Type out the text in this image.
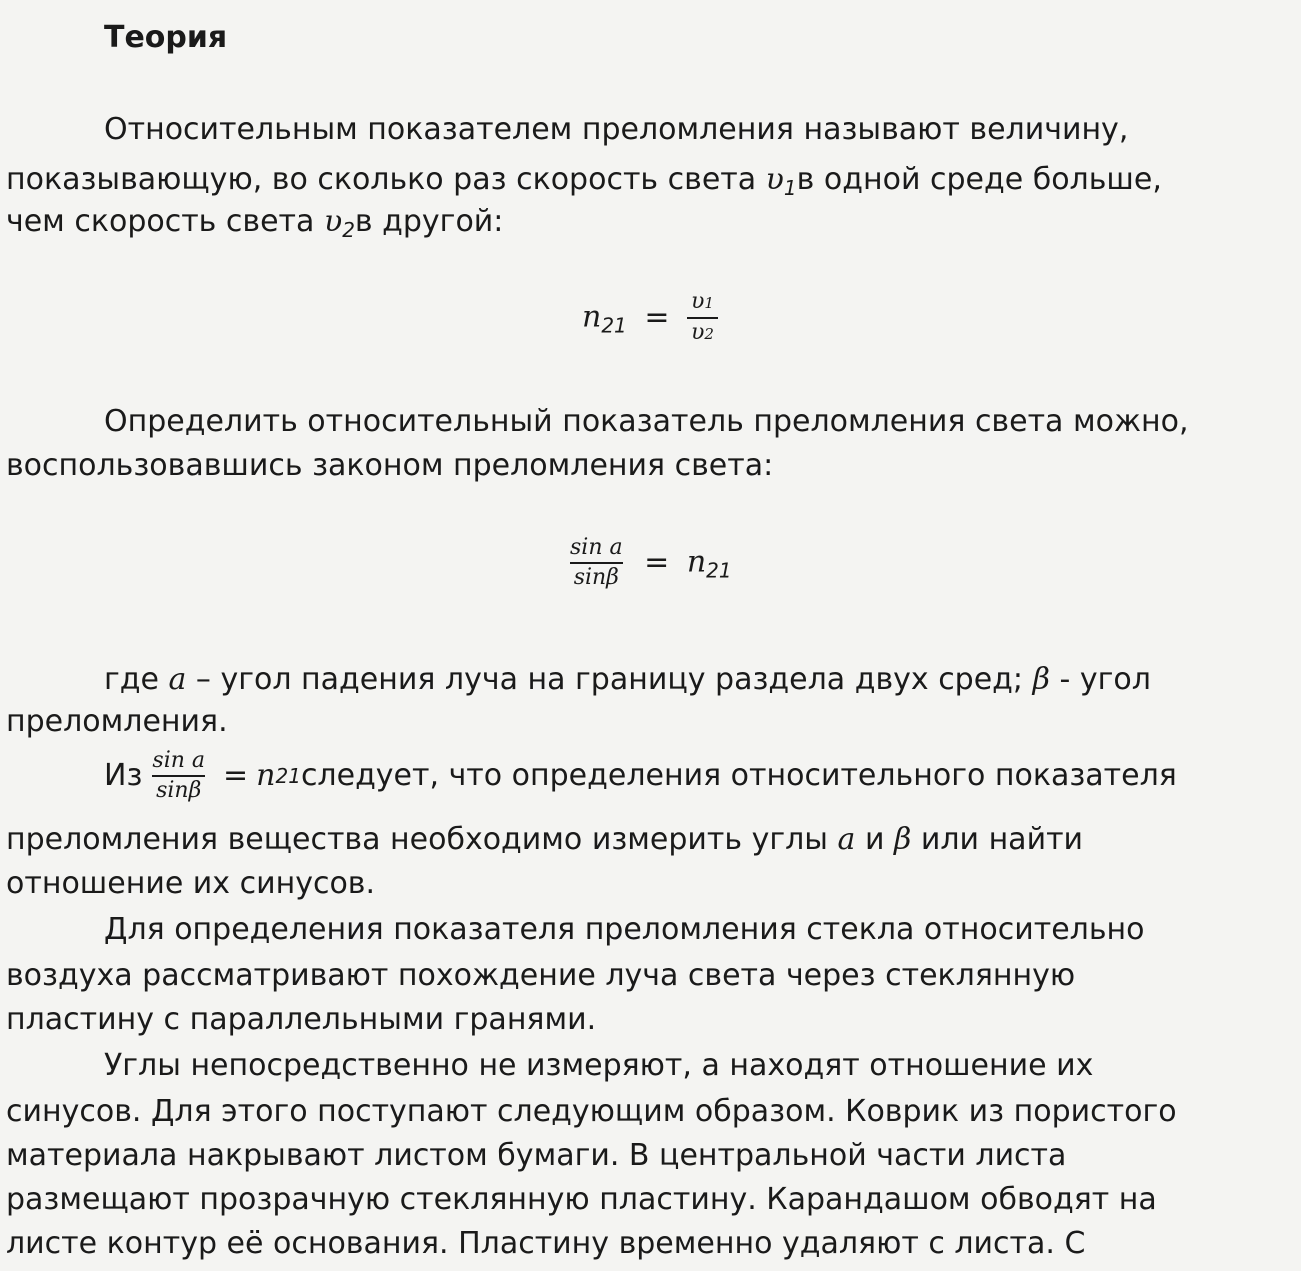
Теория
Относительным показателем преломления называют величину,
показывающую, во сколько раз скорость света $\upsilon_1в$ одной среде больше,
чем скорость света $\upsilon_2в$ другой:
$n_{21} = \frac{\upsilon 1}{\upsilon 2}$
Определить относительный показатель преломления света можно,
воспользовавшись законом преломления света:
$\frac{\text{sin a}}{\sin\beta} = n_{21}$
где a – угол падения луча на границу раздела двух сред; β - угол
преломления.
Из $\frac{\text{sin a}}{\sin\beta} = n$ 21 следует, что определения относительного показателя
преломления вещества необходимо измерить углы a и β или найти
отношение их синусов.
Для определения показателя преломления стекла относительно
воздуха рассматривают похождение луча света через стеклянную
пластину с параллельными гранями.
Углы непосредственно не измеряют, а находят отношение их
синусов. Для этого поступают следующим образом. Коврик из пористого
материала накрывают листом бумаги. В центральной части листа
размещают прозрачную стеклянную пластину. Карандашом обводят на
листе контур её основания. Пластину временно удаляют с листа. С
